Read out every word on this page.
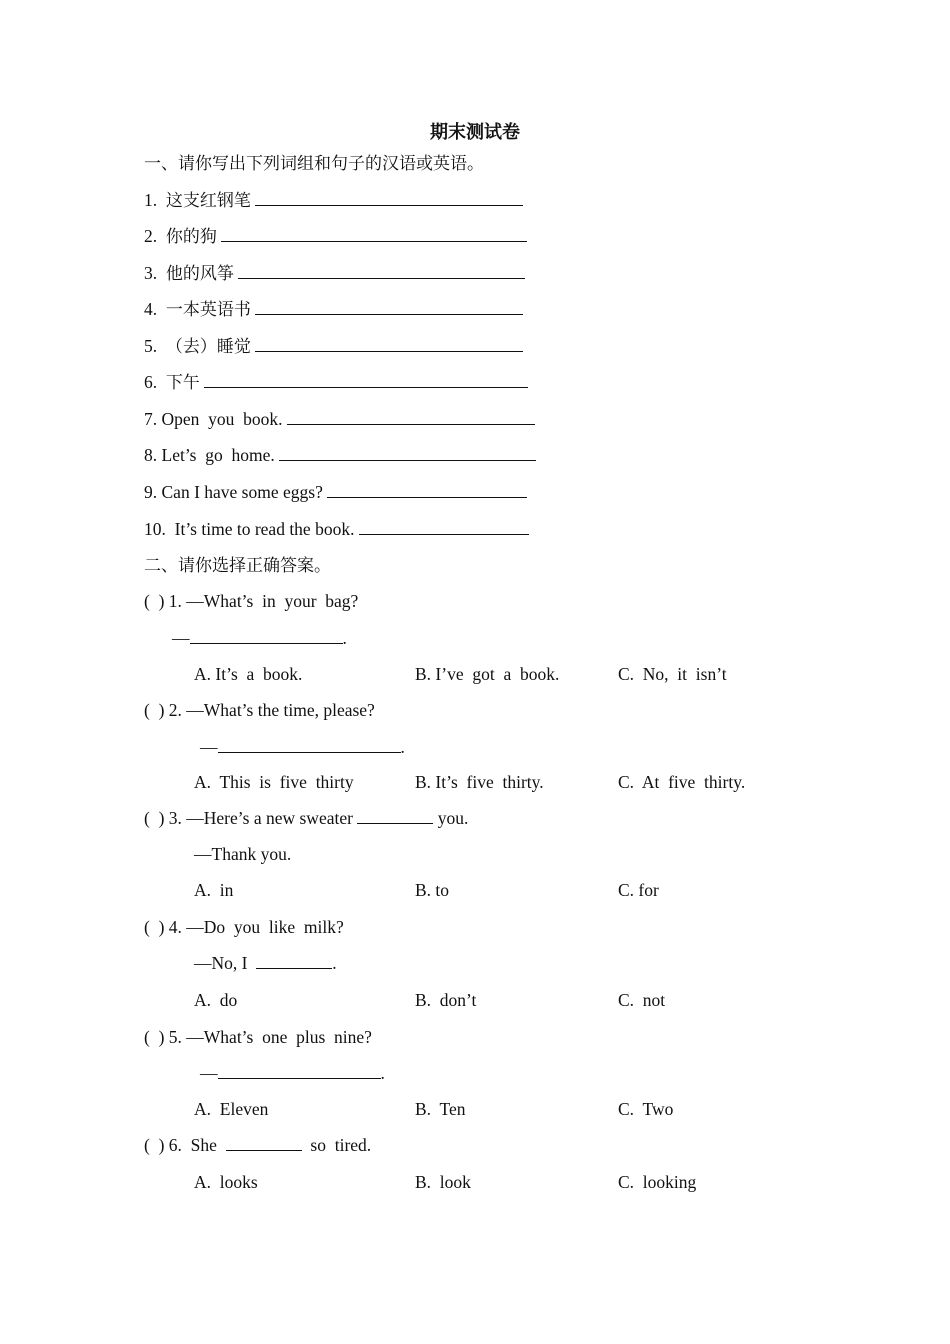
期末测试卷
一、请你写出下列词组和句子的汉语或英语。
1. 这支红钢笔
2. 你的狗
3. 他的风筝
4. 一本英语书
5. （去）睡觉
6. 下午
7. Open  you  book.
8. Let’s  go  home.
9. Can I have some eggs?
10. It’s time to read the book.
二、请你选择正确答案。
(  ) 1. —What’s  in  your  bag?
—	.
A. It’s  a  book.	B. I’ve  got  a  book.	C.  No,  it  isn’t
(  ) 2. —What’s the time, please?
—	.
A.  This  is  five  thirty	B. It’s  five  thirty.	C.  At  five  thirty.
(  ) 3. —Here’s a new sweater	you.
—Thank you.
A.  in	B. to	C. for
(  ) 4. —Do  you  like  milk?
—No, I	.
A.  do	B.  don’t	C.  not
(  ) 5. —What’s  one  plus  nine?
—	.
A.  Eleven	B.  Ten	C.  Two
(  ) 6. She	so  tired.
A.  looks	B.  look	C.  looking
